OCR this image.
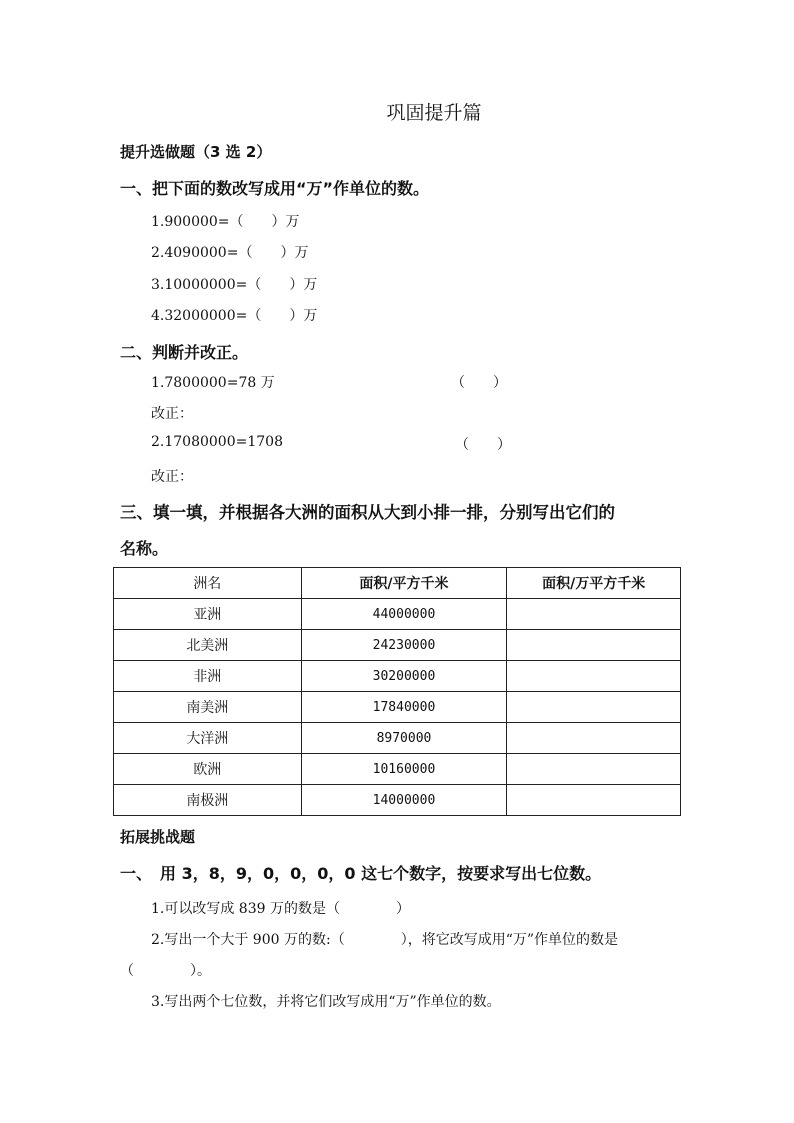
巩固提升篇
提升选做题（3 选 2）
一、把下面的数改写成用“万”作单位的数。
1.900000=（　　）万
2.4090000=（　　）万
3.10000000=（　　）万
4.32000000=（　　）万
二、判断并改正。
1.7800000=78 万	（　　）
改正：
2.17080000=1708	（　　）
改正：
三、填一填，并根据各大洲的面积从大到小排一排，分别写出它们的
名称。
洲名	面积/平方千米	面积/万平方千米
亚洲	44000000	
北美洲	24230000	
非洲	30200000	
南美洲	17840000	
大洋洲	8970000	
欧洲	10160000	
南极洲	14000000	
拓展挑战题
一、　用 3，8，9，0，0，0，0 这七个数字，按要求写出七位数。
1.可以改写成 839 万的数是（　　　　）
2.写出一个大于 900 万的数:（　　　　），将它改写成用“万”作单位的数是
（　　　　）。
3.写出两个七位数，并将它们改写成用“万”作单位的数。
